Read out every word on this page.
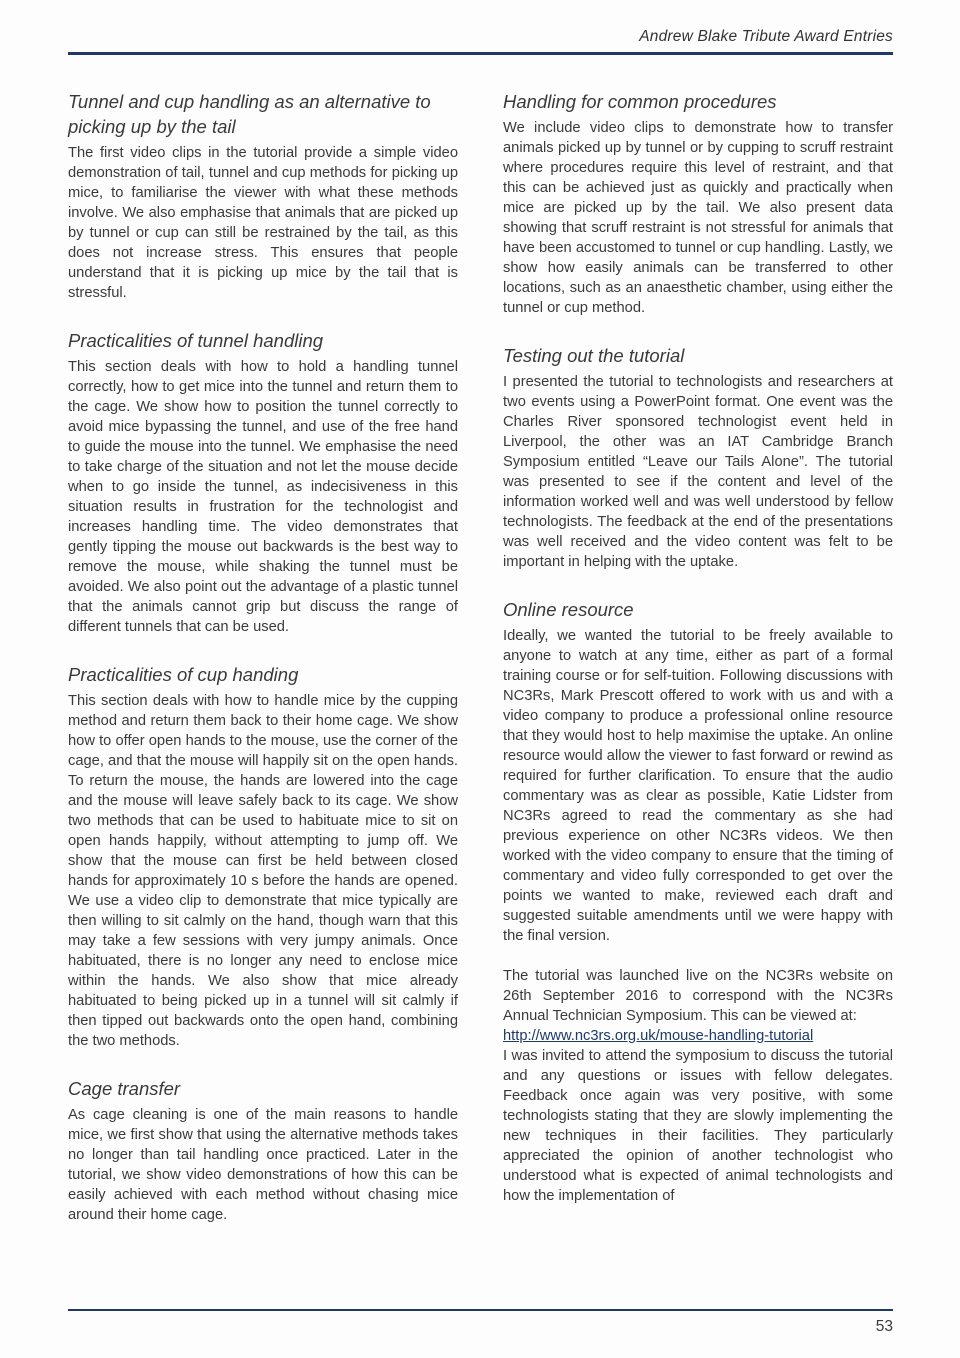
Andrew Blake Tribute Award Entries
Tunnel and cup handling as an alternative to picking up by the tail

The first video clips in the tutorial provide a simple video demonstration of tail, tunnel and cup methods for picking up mice, to familiarise the viewer with what these methods involve. We also emphasise that animals that are picked up by tunnel or cup can still be restrained by the tail, as this does not increase stress. This ensures that people understand that it is picking up mice by the tail that is stressful.

Practicalities of tunnel handling

This section deals with how to hold a handling tunnel correctly, how to get mice into the tunnel and return them to the cage. We show how to position the tunnel correctly to avoid mice bypassing the tunnel, and use of the free hand to guide the mouse into the tunnel. We emphasise the need to take charge of the situation and not let the mouse decide when to go inside the tunnel, as indecisiveness in this situation results in frustration for the technologist and increases handling time. The video demonstrates that gently tipping the mouse out backwards is the best way to remove the mouse, while shaking the tunnel must be avoided. We also point out the advantage of a plastic tunnel that the animals cannot grip but discuss the range of different tunnels that can be used.

Practicalities of cup handing

This section deals with how to handle mice by the cupping method and return them back to their home cage. We show how to offer open hands to the mouse, use the corner of the cage, and that the mouse will happily sit on the open hands. To return the mouse, the hands are lowered into the cage and the mouse will leave safely back to its cage. We show two methods that can be used to habituate mice to sit on open hands happily, without attempting to jump off. We show that the mouse can first be held between closed hands for approximately 10 s before the hands are opened. We use a video clip to demonstrate that mice typically are then willing to sit calmly on the hand, though warn that this may take a few sessions with very jumpy animals. Once habituated, there is no longer any need to enclose mice within the hands. We also show that mice already habituated to being picked up in a tunnel will sit calmly if then tipped out backwards onto the open hand, combining the two methods.

Cage transfer

As cage cleaning is one of the main reasons to handle mice, we first show that using the alternative methods takes no longer than tail handling once practiced. Later in the tutorial, we show video demonstrations of how this can be easily achieved with each method without chasing mice around their home cage.

Handling for common procedures

We include video clips to demonstrate how to transfer animals picked up by tunnel or by cupping to scruff restraint where procedures require this level of restraint, and that this can be achieved just as quickly and practically when mice are picked up by the tail. We also present data showing that scruff restraint is not stressful for animals that have been accustomed to tunnel or cup handling. Lastly, we show how easily animals can be transferred to other locations, such as an anaesthetic chamber, using either the tunnel or cup method.

Testing out the tutorial

I presented the tutorial to technologists and researchers at two events using a PowerPoint format. One event was the Charles River sponsored technologist event held in Liverpool, the other was an IAT Cambridge Branch Symposium entitled “Leave our Tails Alone”. The tutorial was presented to see if the content and level of the information worked well and was well understood by fellow technologists. The feedback at the end of the presentations was well received and the video content was felt to be important in helping with the uptake.

Online resource

Ideally, we wanted the tutorial to be freely available to anyone to watch at any time, either as part of a formal training course or for self-tuition. Following discussions with NC3Rs, Mark Prescott offered to work with us and with a video company to produce a professional online resource that they would host to help maximise the uptake. An online resource would allow the viewer to fast forward or rewind as required for further clarification. To ensure that the audio commentary was as clear as possible, Katie Lidster from NC3Rs agreed to read the commentary as she had previous experience on other NC3Rs videos. We then worked with the video company to ensure that the timing of commentary and video fully corresponded to get over the points we wanted to make, reviewed each draft and suggested suitable amendments until we were happy with the final version.

The tutorial was launched live on the NC3Rs website on 26th September 2016 to correspond with the NC3Rs Annual Technician Symposium. This can be viewed at:

http://www.nc3rs.org.uk/mouse-handling-tutorial

I was invited to attend the symposium to discuss the tutorial and any questions or issues with fellow delegates. Feedback once again was very positive, with some technologists stating that they are slowly implementing the new techniques in their facilities. They particularly appreciated the opinion of another technologist who understood what is expected of animal technologists and how the implementation of

53
